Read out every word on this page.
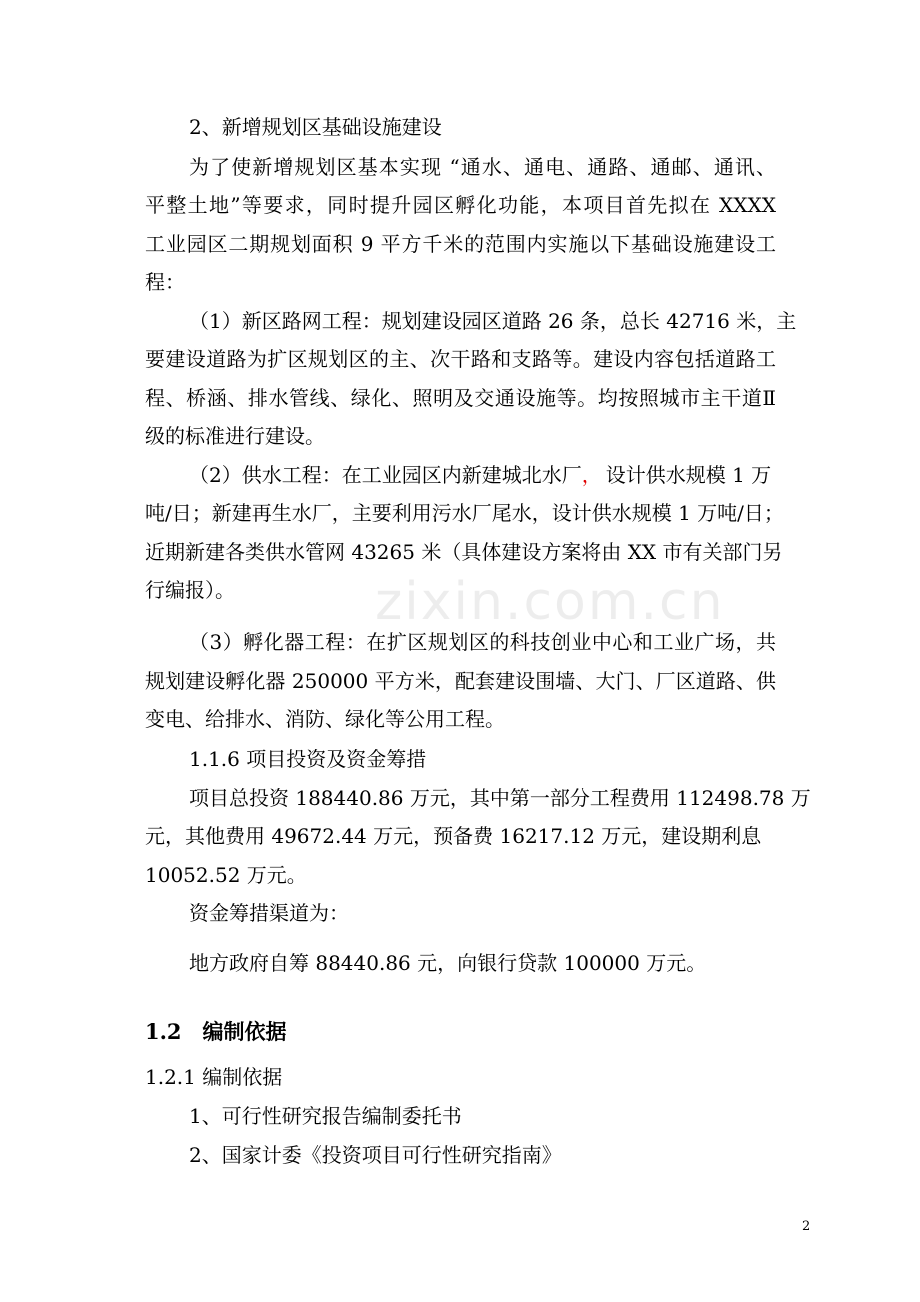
zixin.com.cn
2、新增规划区基础设施建设
为了使新增规划区基本实现 “通水、通电、通路、通邮、通讯、
平整土地”等要求，同时提升园区孵化功能，本项目首先拟在 XXXX
工业园区二期规划面积 9 平方千米的范围内实施以下基础设施建设工
程：
（1）新区路网工程：规划建设园区道路 26 条，总长 42716 米，主
要建设道路为扩区规划区的主、次干路和支路等。建设内容包括道路工
程、桥涵、排水管线、绿化、照明及交通设施等。均按照城市主干道Ⅱ
级的标准进行建设。
（2）供水工程：在工业园区内新建城北水厂， 设计供水规模 1 万
吨/日；新建再生水厂，主要利用污水厂尾水，设计供水规模 1 万吨/日；
近期新建各类供水管网 43265 米（具体建设方案将由 XX 市有关部门另
行编报）。
（3）孵化器工程：在扩区规划区的科技创业中心和工业广场，共
规划建设孵化器 250000 平方米，配套建设围墙、大门、厂区道路、供
变电、给排水、消防、绿化等公用工程。
1.1.6 项目投资及资金筹措
项目总投资 188440.86 万元，其中第一部分工程费用 112498.78 万
元，其他费用 49672.44 万元，预备费 16217.12 万元，建设期利息
10052.52 万元。
资金筹措渠道为：
地方政府自筹 88440.86 元，向银行贷款 100000 万元。
1.2　编制依据
1.2.1 编制依据
1、可行性研究报告编制委托书
2、国家计委《投资项目可行性研究指南》
2
